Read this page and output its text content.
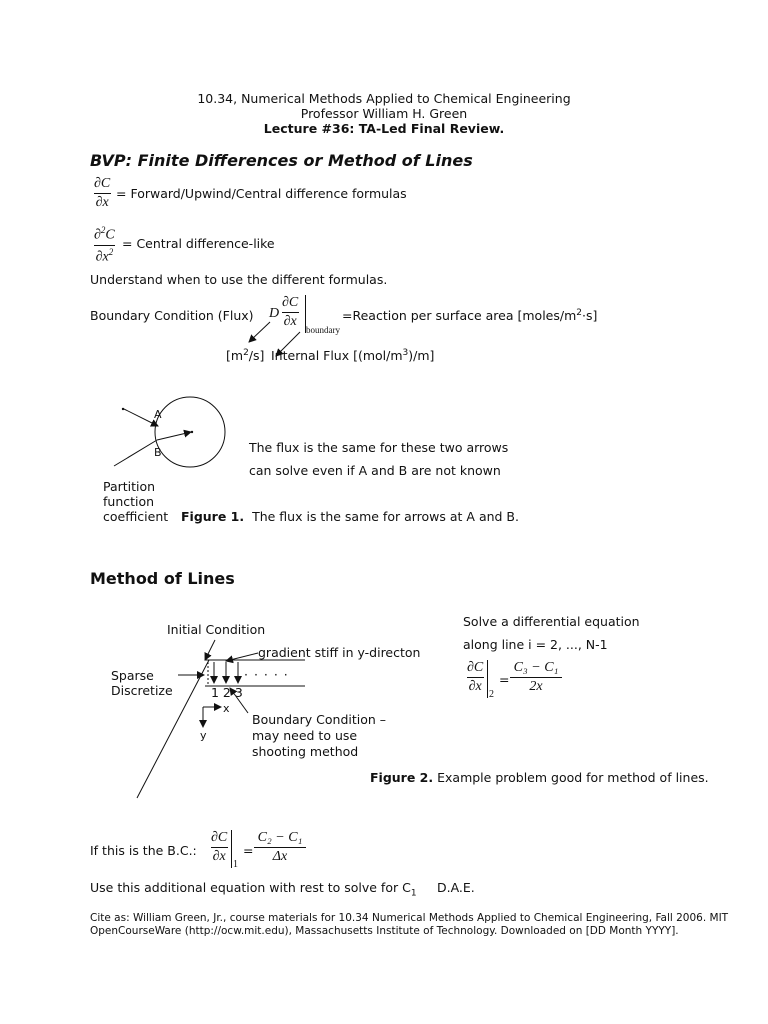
10.34, Numerical Methods Applied to Chemical Engineering
Professor William H. Green
Lecture #36: TA-Led Final Review.
BVP: Finite Differences or Method of Lines
$\frac{\partial C}{\partial x}$ = Forward/Upwind/Central difference formulas
$\frac{\partial^2C}{\partial x^2}$ = Central difference-like
Understand when to use the different formulas.
Boundary Condition (Flux) D $\frac{\partial C}{\partial x}$ boundary
=Reaction per surface area $[moles/m^2\cdot s]$
$[m^2/s]$ Internal Flux $[(mol/m^3)/m]$
A
B	The flux is the same for these two arrows
can solve even if A and B are not known
Partition
function
coefficient Figure 1. The flux is the same for arrows at A and B.
Method of Lines
Initial Condition
gradient stiff in y-directon
Sparse
Discretize	1 2 3
· · · · ·
x
y
Boundary Condition –
may need to use
shooting method
Solve a differential equation
along line i = 2, ..., N-1
$\frac{\partial C}{\partial x} 2$
= $\frac{\text{C₃ − C₁}}{2x}$
Figure 2. Example problem good for method of lines.
If this is the B.C.: $\frac{\partial C}{\partial x} 1$
= $\frac{\text{C₂ − C₁}}{\Delta x}$
Use this additional equation with rest to solve for $C_1$ D.A.E.
Cite as: William Green, Jr., course materials for 10.34 Numerical Methods Applied to Chemical Engineering, Fall 2006. MIT OpenCourseWare (http://ocw.mit.edu), Massachusetts Institute of Technology. Downloaded on [DD Month YYYY].
